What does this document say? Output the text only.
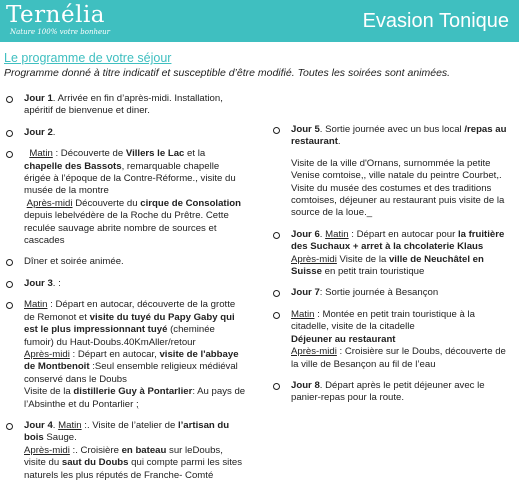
Ternélia
Nature 100% votre bonheur	Evasion Tonique
Le programme de votre séjour
Programme donné à titre indicatif et susceptible d’être modifié. Toutes les soirées sont animées.

Jour 1. Arrivée en fin d’après-midi. Installation, apéritif de bienvenue et diner.

Jour 2.

Matin : Découverte de Villers le Lac et la chapelle des Bassots, remarquable chapelle érigée à l’époque de la Contre-Réforme., visite du musée de la montre

Après-midi Découverte du cirque de Consolation depuis lebelvédère de la Roche du Prêtre. Cette reculée sauvage abrite nombre de sources et cascades

Dîner et soirée animée.

Jour 3. :

Matin : Départ en autocar, découverte de la grotte de Remonot et visite du tuyé du Papy Gaby qui est le plus impressionnant tuyé (cheminée fumoir) du Haut-Doubs.40KmAller/retour

Après-midi : Départ en autocar, visite de l'abbaye de Montbenoit :Seul ensemble religieux médiéval conservé dans le Doubs

Visite de la distillerie Guy à Pontarlier: Au pays de l’Absinthe et du Pontarlier ;

Jour 4. Matin :. Visite de l’atelier de l’artisan du bois Sauge.

Après-midi :. Croisière en bateau sur leDoubs, visite du saut du Doubs qui compte parmi les sites naturels les plus réputés de Franche- Comté

Jour 5. Sortie journée avec un bus local /repas au restaurant.

Visite de la ville d'Ornans, surnommée la petite Venise comtoise,, ville natale du peintre Courbet,. Visite du musée des costumes et des traditions comtoises, déjeuner au restaurant puis visite de la source de la loue._

Jour 6. Matin : Départ en autocar pour la fruitière des Suchaux + arret à la chcolaterie Klaus

Après-midi Visite de la ville de Neuchâtel en Suisse en petit train touristique

Jour 7: Sortie journée à Besançon

Matin : Montée en petit train touristique à la citadelle, visite de la citadelle

Déjeuner au restaurant

Après-midi : Croisière sur le Doubs, découverte de la ville de Besançon au fil de l’eau

Jour 8. Départ après le petit déjeuner avec le panier-repas pour la route.
